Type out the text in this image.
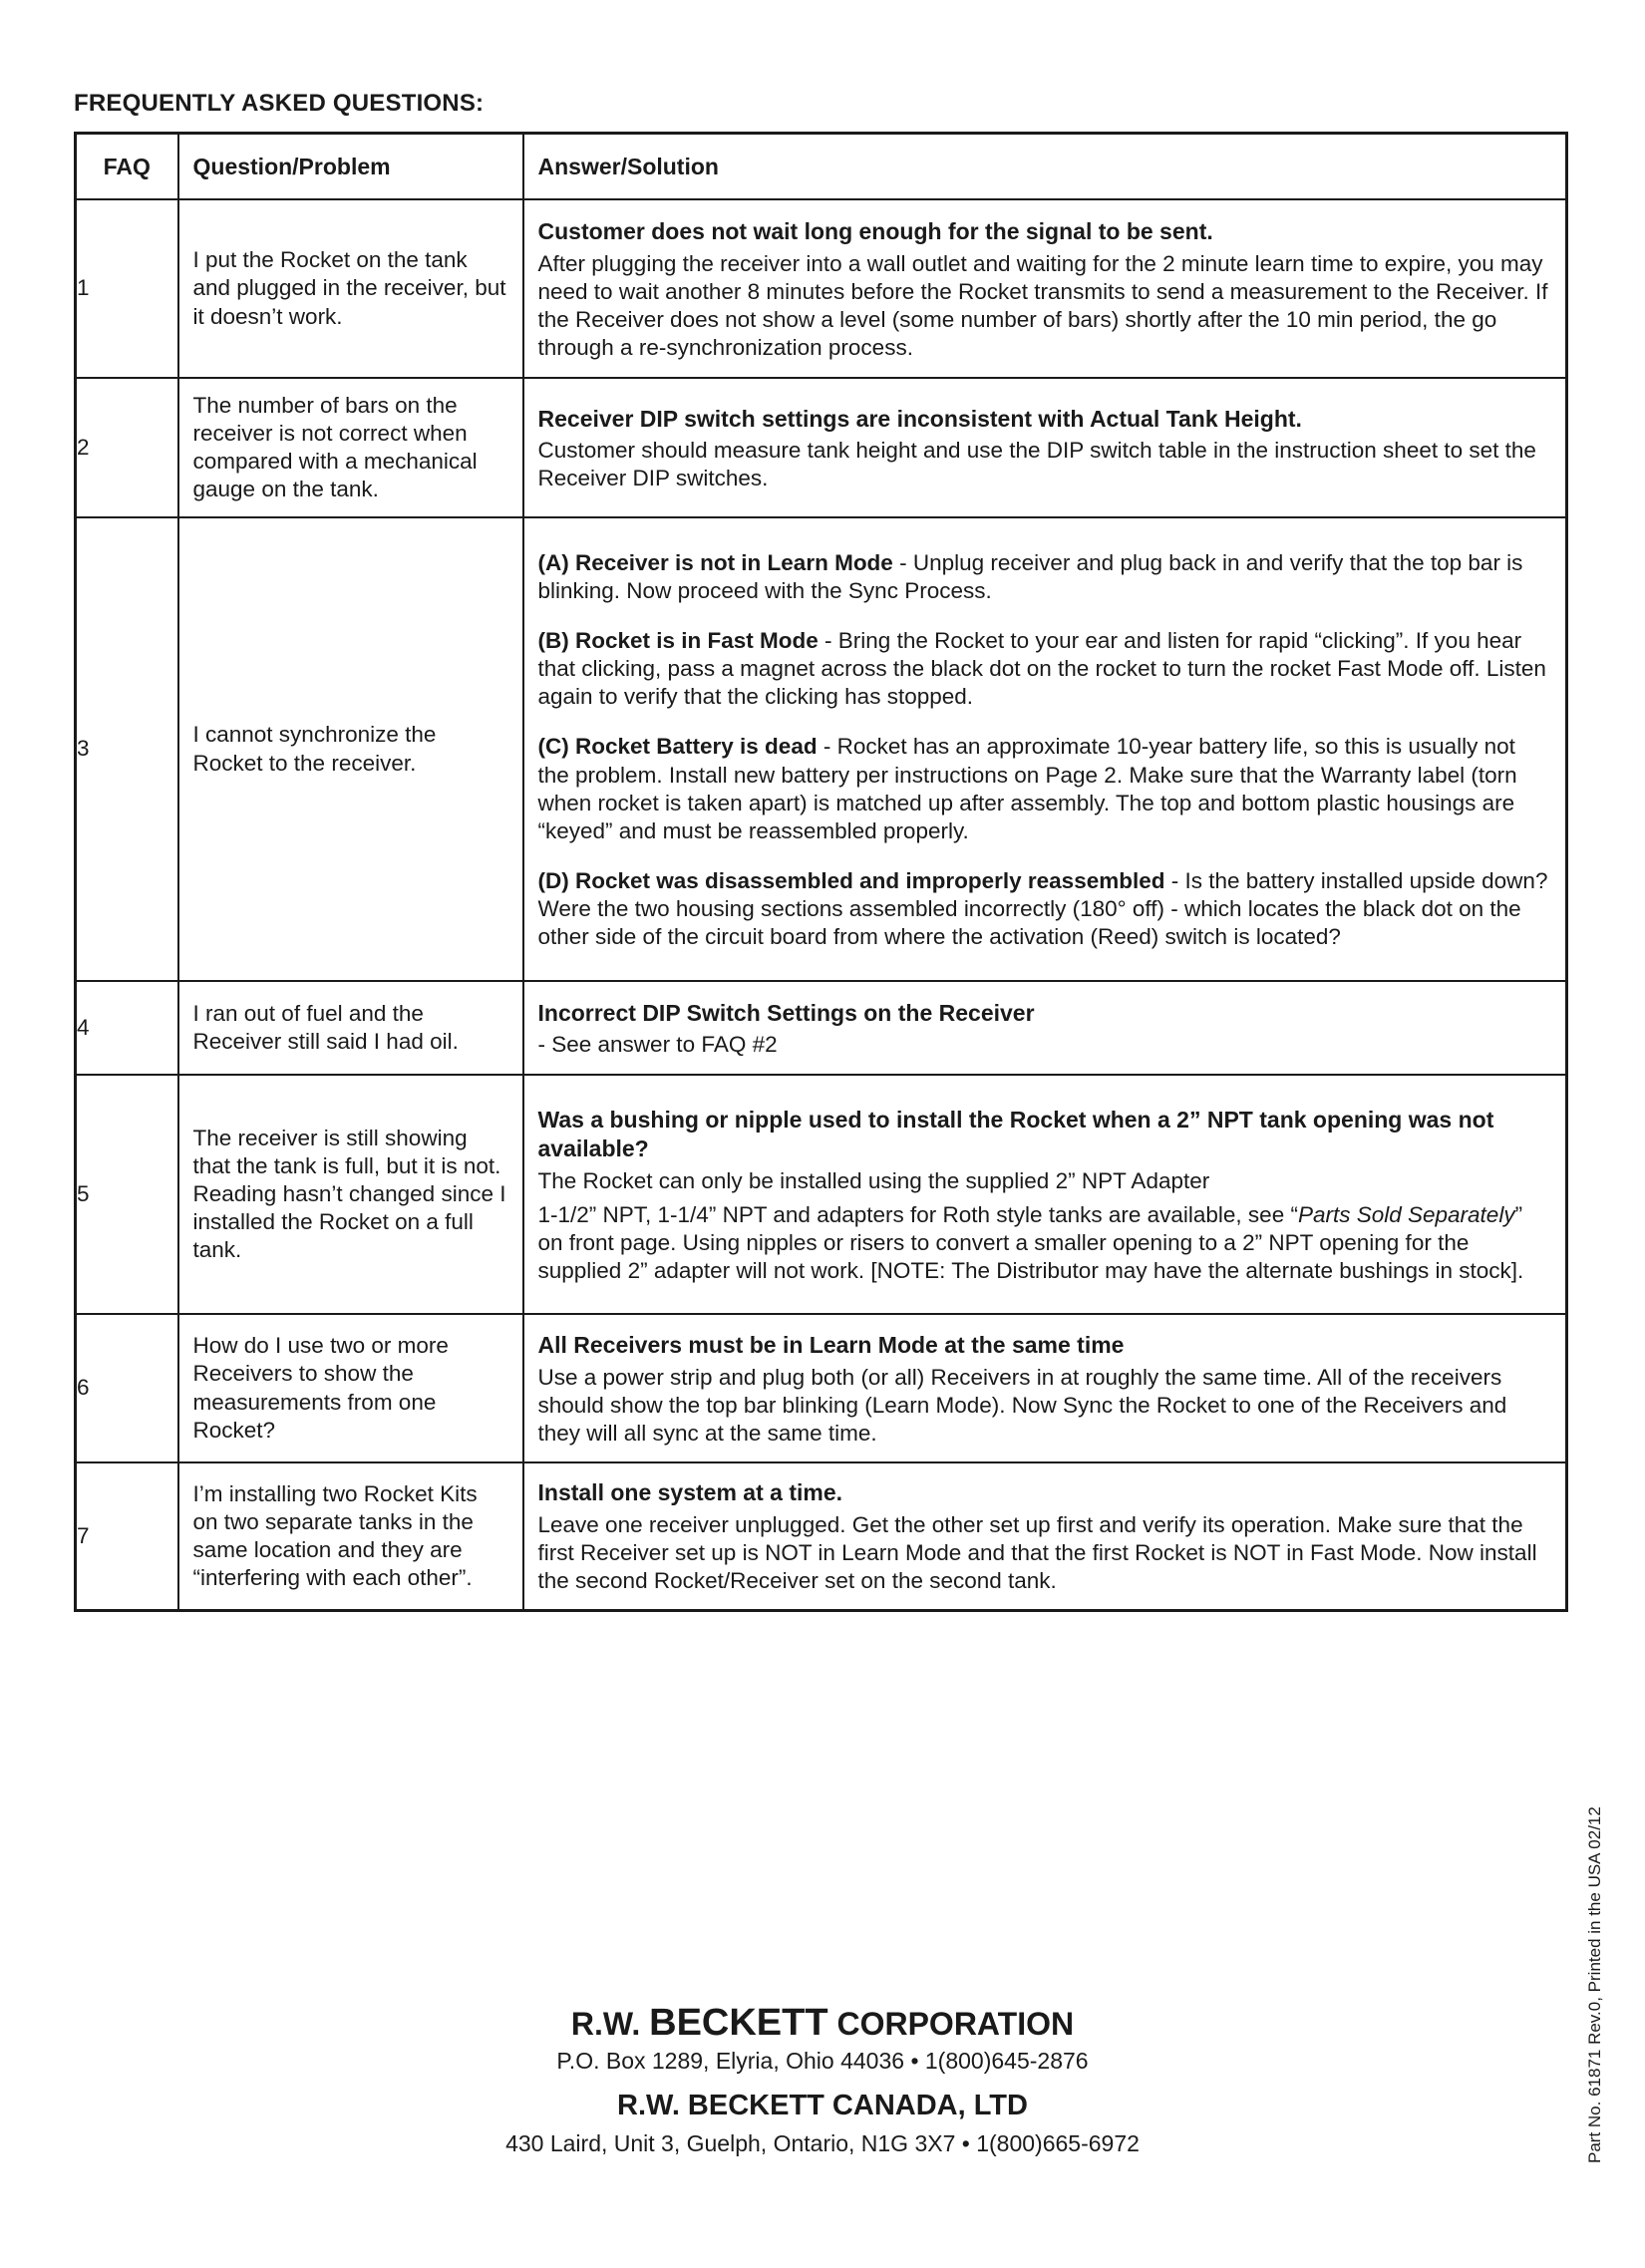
FREQUENTLY ASKED QUESTIONS:
FAQ	Question/Problem	Answer/Solution
1	I put the Rocket on the tank and plugged in the receiver, but it doesn’t work.	Customer does not wait long enough for the signal to be sent.
After plugging the receiver into a wall outlet and waiting for the 2 minute learn time to expire, you may need to wait another 8 minutes before the Rocket transmits to send a measurement to the Receiver. If the Receiver does not show a level (some number of bars) shortly after the 10 min period, the go through a re-synchronization process.

2	The number of bars on the receiver is not correct when compared with a mechanical gauge on the tank.	Receiver DIP switch settings are inconsistent with Actual Tank Height.
Customer should measure tank height and use the DIP switch table in the instruction sheet to set the Receiver DIP switches.

3	I cannot synchronize the Rocket to the receiver.	(A) Receiver is not in Learn Mode - Unplug receiver and plug back in and verify that the top bar is blinking. Now proceed with the Sync Process.

(B) Rocket is in Fast Mode - Bring the Rocket to your ear and listen for rapid “clicking”. If you hear that clicking, pass a magnet across the black dot on the rocket to turn the rocket Fast Mode off. Listen again to verify that the clicking has stopped.

(C) Rocket Battery is dead - Rocket has an approximate 10-year battery life, so this is usually not the problem. Install new battery per instructions on Page 2. Make sure that the Warranty label (torn when rocket is taken apart) is matched up after assembly. The top and bottom plastic housings are “keyed” and must be reassembled properly.

(D) Rocket was disassembled and improperly reassembled - Is the battery installed upside down? Were the two housing sections assembled incorrectly (180° off) - which locates the black dot on the other side of the circuit board from where the activation (Reed) switch is located?

4	I ran out of fuel and the Receiver still said I had oil.	Incorrect DIP Switch Settings on the Receiver
- See answer to FAQ #2

5	The receiver is still showing that the tank is full, but it is not. Reading hasn’t changed since I installed the Rocket on a full tank.	Was a bushing or nipple used to install the Rocket when a 2” NPT tank opening was not available?
The Rocket can only be installed using the supplied 2” NPT Adapter
1-1/2” NPT, 1-1/4” NPT and adapters for Roth style tanks are available, see “Parts Sold Separately” on front page. Using nipples or risers to convert a smaller opening to a 2” NPT opening for the supplied 2” adapter will not work. [NOTE: The Distributor may have the alternate bushings in stock].

6	How do I use two or more Receivers to show the measurements from one Rocket?	All Receivers must be in Learn Mode at the same time
Use a power strip and plug both (or all) Receivers in at roughly the same time. All of the receivers should show the top bar blinking (Learn Mode). Now Sync the Rocket to one of the Receivers and they will all sync at the same time.

7	I’m installing two Rocket Kits on two separate tanks in the same location and they are “interfering with each other”.	Install one system at a time.
Leave one receiver unplugged. Get the other set up first and verify its operation. Make sure that the first Receiver set up is NOT in Learn Mode and that the first Rocket is NOT in Fast Mode. Now install the second Rocket/Receiver set on the second tank.
R.W. BECKETT CORPORATION
P.O. Box 1289, Elyria, Ohio 44036 • 1(800)645-2876
R.W. BECKETT CANADA, LTD
430 Laird, Unit 3, Guelph, Ontario, N1G 3X7 • 1(800)665-6972	Part No. 61871 Rev.0, Printed in the USA 02/12
